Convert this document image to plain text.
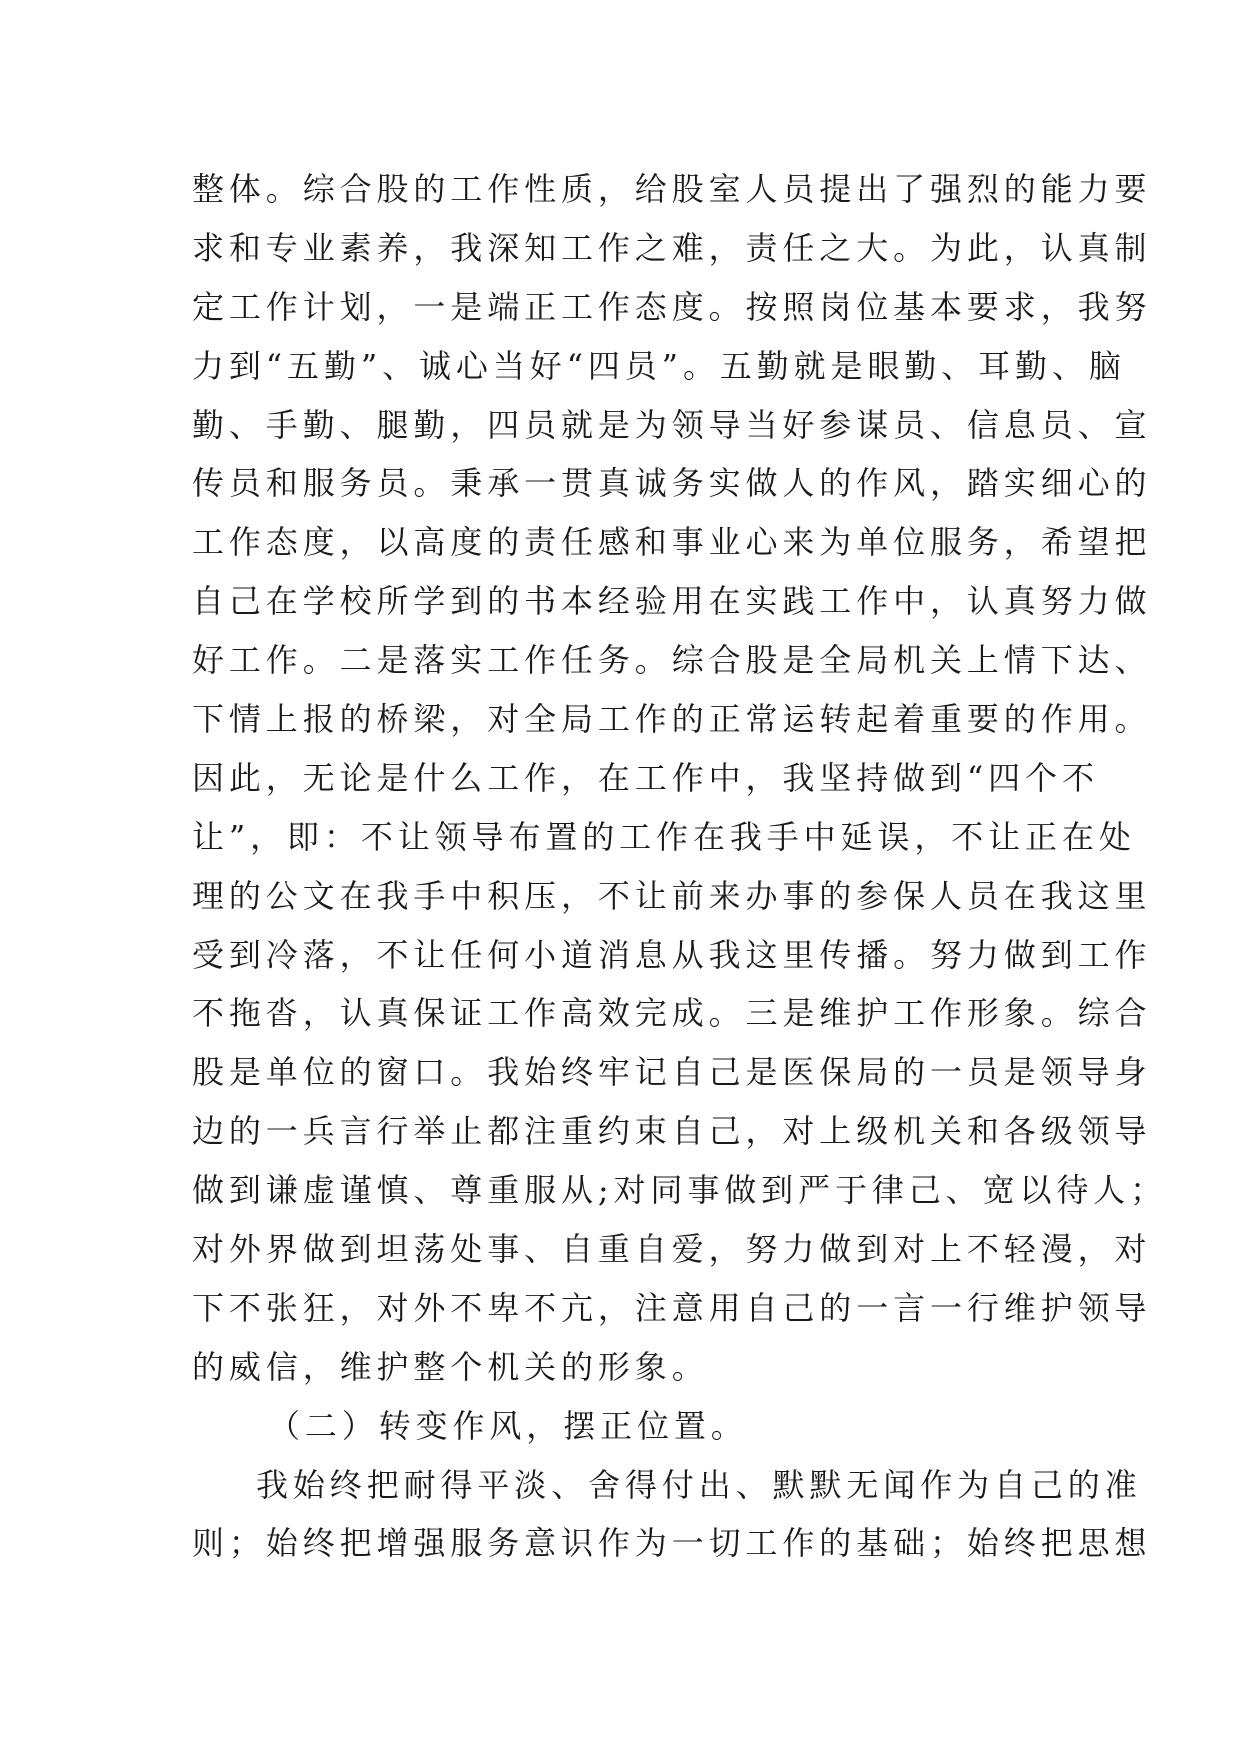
整体。综合股的工作性质，给股室人员提出了强烈的能力要
求和专业素养，我深知工作之难，责任之大。为此，认真制
定工作计划，一是端正工作态度。按照岗位基本要求，我努
力到“五勤”、诚心当好“四员”。五勤就是眼勤、耳勤、脑
勤、手勤、腿勤，四员就是为领导当好参谋员、信息员、宣
传员和服务员。秉承一贯真诚务实做人的作风，踏实细心的
工作态度，以高度的责任感和事业心来为单位服务，希望把
自己在学校所学到的书本经验用在实践工作中，认真努力做
好工作。二是落实工作任务。综合股是全局机关上情下达、
下情上报的桥梁，对全局工作的正常运转起着重要的作用。
因此，无论是什么工作，在工作中，我坚持做到“四个不
让”，即：不让领导布置的工作在我手中延误，不让正在处
理的公文在我手中积压，不让前来办事的参保人员在我这里
受到冷落，不让任何小道消息从我这里传播。努力做到工作
不拖沓，认真保证工作高效完成。三是维护工作形象。综合
股是单位的窗口。我始终牢记自己是医保局的一员是领导身
边的一兵言行举止都注重约束自己，对上级机关和各级领导
做到谦虚谨慎、尊重服从;对同事做到严于律己、宽以待人；
对外界做到坦荡处事、自重自爱，努力做到对上不轻漫，对
下不张狂，对外不卑不亢，注意用自己的一言一行维护领导
的威信，维护整个机关的形象。
（二）转变作风，摆正位置。
我始终把耐得平淡、舍得付出、默默无闻作为自己的准
则；始终把增强服务意识作为一切工作的基础；始终把思想
